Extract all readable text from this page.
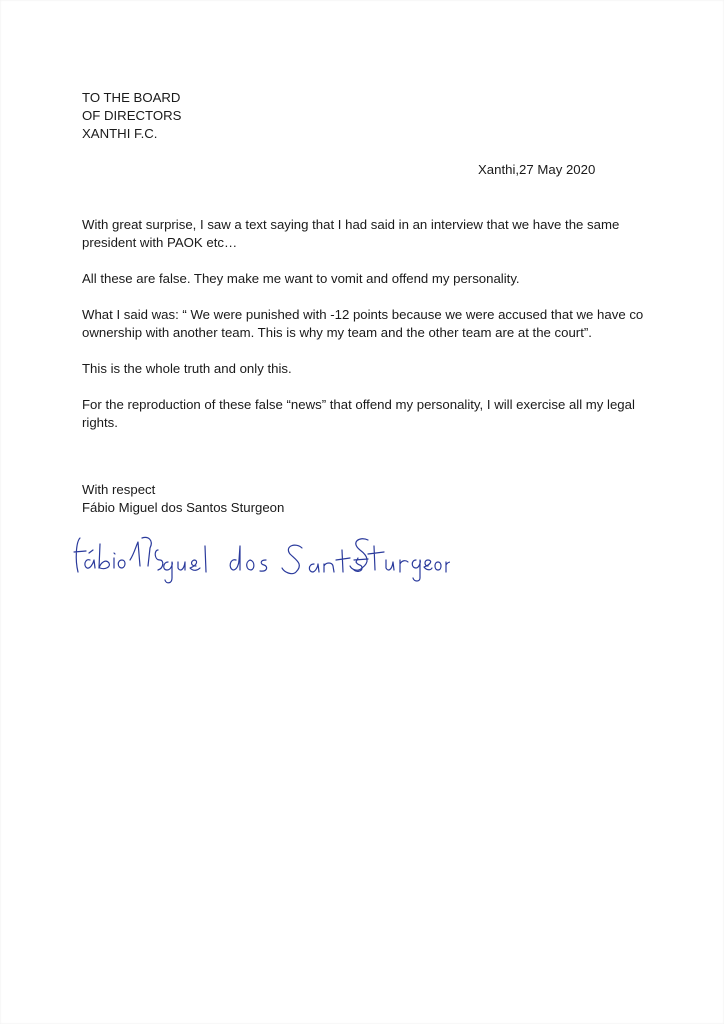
TO THE BOARD
OF DIRECTORS
XANTHI F.C.
Xanthi,27 May 2020

With great surprise, I saw a text saying that I had said in an interview that we have the same president with PAOK etc…

All these are false. They make me want to vomit and offend my personality.

What I said was: “ We were punished with -12 points because we were accused that we have co ownership with another team. This is why my team and the other team are at the court”.

This is the whole truth and only this.

For the reproduction of these false “news” that offend my personality, I will exercise all my legal rights.

With respect
Fábio Miguel dos Santos Sturgeon
